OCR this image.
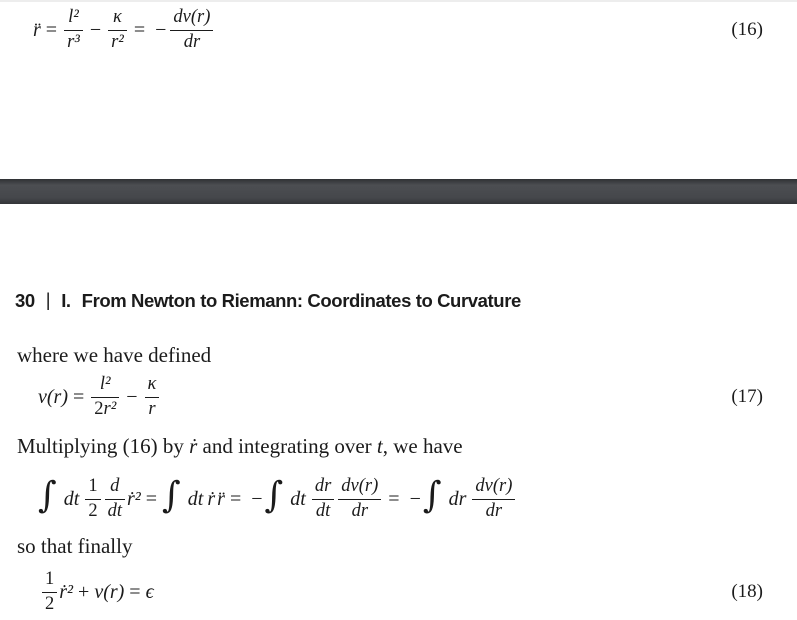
r̈ = $\frac{\text{l²}}{\text{r³}} - \frac{\kappa}{\text{r²}}$ = − $\frac{dv(r)}{dr}$	(16)
30 | I. From Newton to Riemann: Coordinates to Curvature

where we have defined

$v(r) = \frac{\text{l²}}{\text{2 r²}} - \frac{\kappa}{r}$	(17)

Multiplying (16) by ṙ and integrating over t, we have

∫ dt $\frac{1}{2} \frac{d}{dt}$ ṙ² = ∫ dt ṙ r̈ = − ∫ dt $\frac{dr}{dt} \frac{dv(r)}{dr}$ = − ∫ dr $\frac{dv(r)}{dr}$

so that finally

$\frac{1}{2}$ ṙ² + v(r) = ϵ	(18)
